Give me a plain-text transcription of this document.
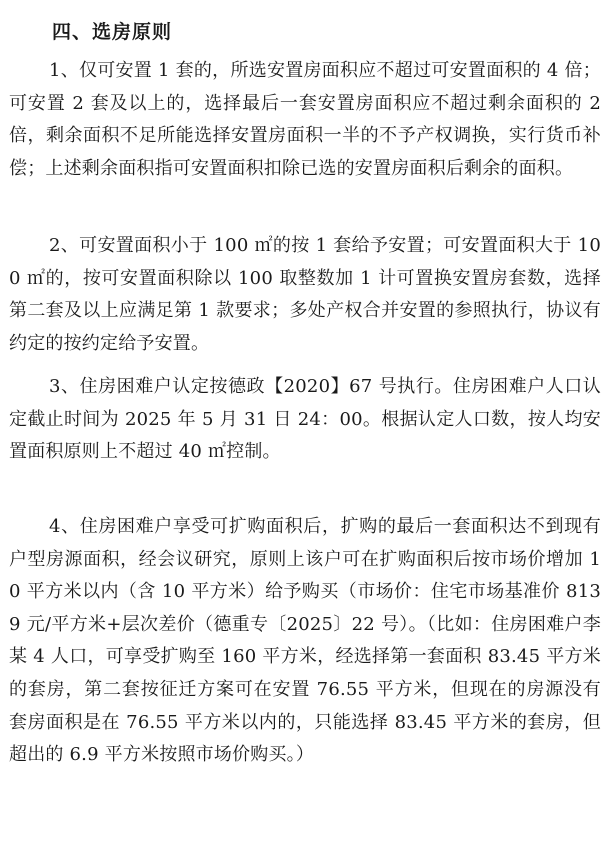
四、选房原则

1、仅可安置 1 套的，所选安置房面积应不超过可安置面积的 4 倍；可安置 2 套及以上的，选择最后一套安置房面积应不超过剩余面积的 2 倍，剩余面积不足所能选择安置房面积一半的不予产权调换，实行货币补偿；上述剩余面积指可安置面积扣除已选的安置房面积后剩余的面积。

2、可安置面积小于 100 ㎡的按 1 套给予安置；可安置面积大于 100 ㎡的，按可安置面积除以 100 取整数加 1 计可置换安置房套数，选择第二套及以上应满足第 1 款要求；多处产权合并安置的参照执行，协议有约定的按约定给予安置。

3、住房困难户认定按德政【2020】67 号执行。住房困难户人口认定截止时间为 2025 年 5 月 31 日 24：00。根据认定人口数，按人均安置面积原则上不超过 40 ㎡控制。

4、住房困难户享受可扩购面积后，扩购的最后一套面积达不到现有户型房源面积，经会议研究，原则上该户可在扩购面积后按市场价增加 10 平方米以内（含 10 平方米）给予购买（市场价：住宅市场基准价 8139 元/平方米+层次差价（德重专〔2025〕22 号）。（比如：住房困难户李某 4 人口，可享受扩购至 160 平方米，经选择第一套面积 83.45 平方米的套房，第二套按征迁方案可在安置 76.55 平方米，但现在的房源没有套房面积是在 76.55 平方米以内的，只能选择 83.45 平方米的套房，但超出的 6.9 平方米按照市场价购买。）
